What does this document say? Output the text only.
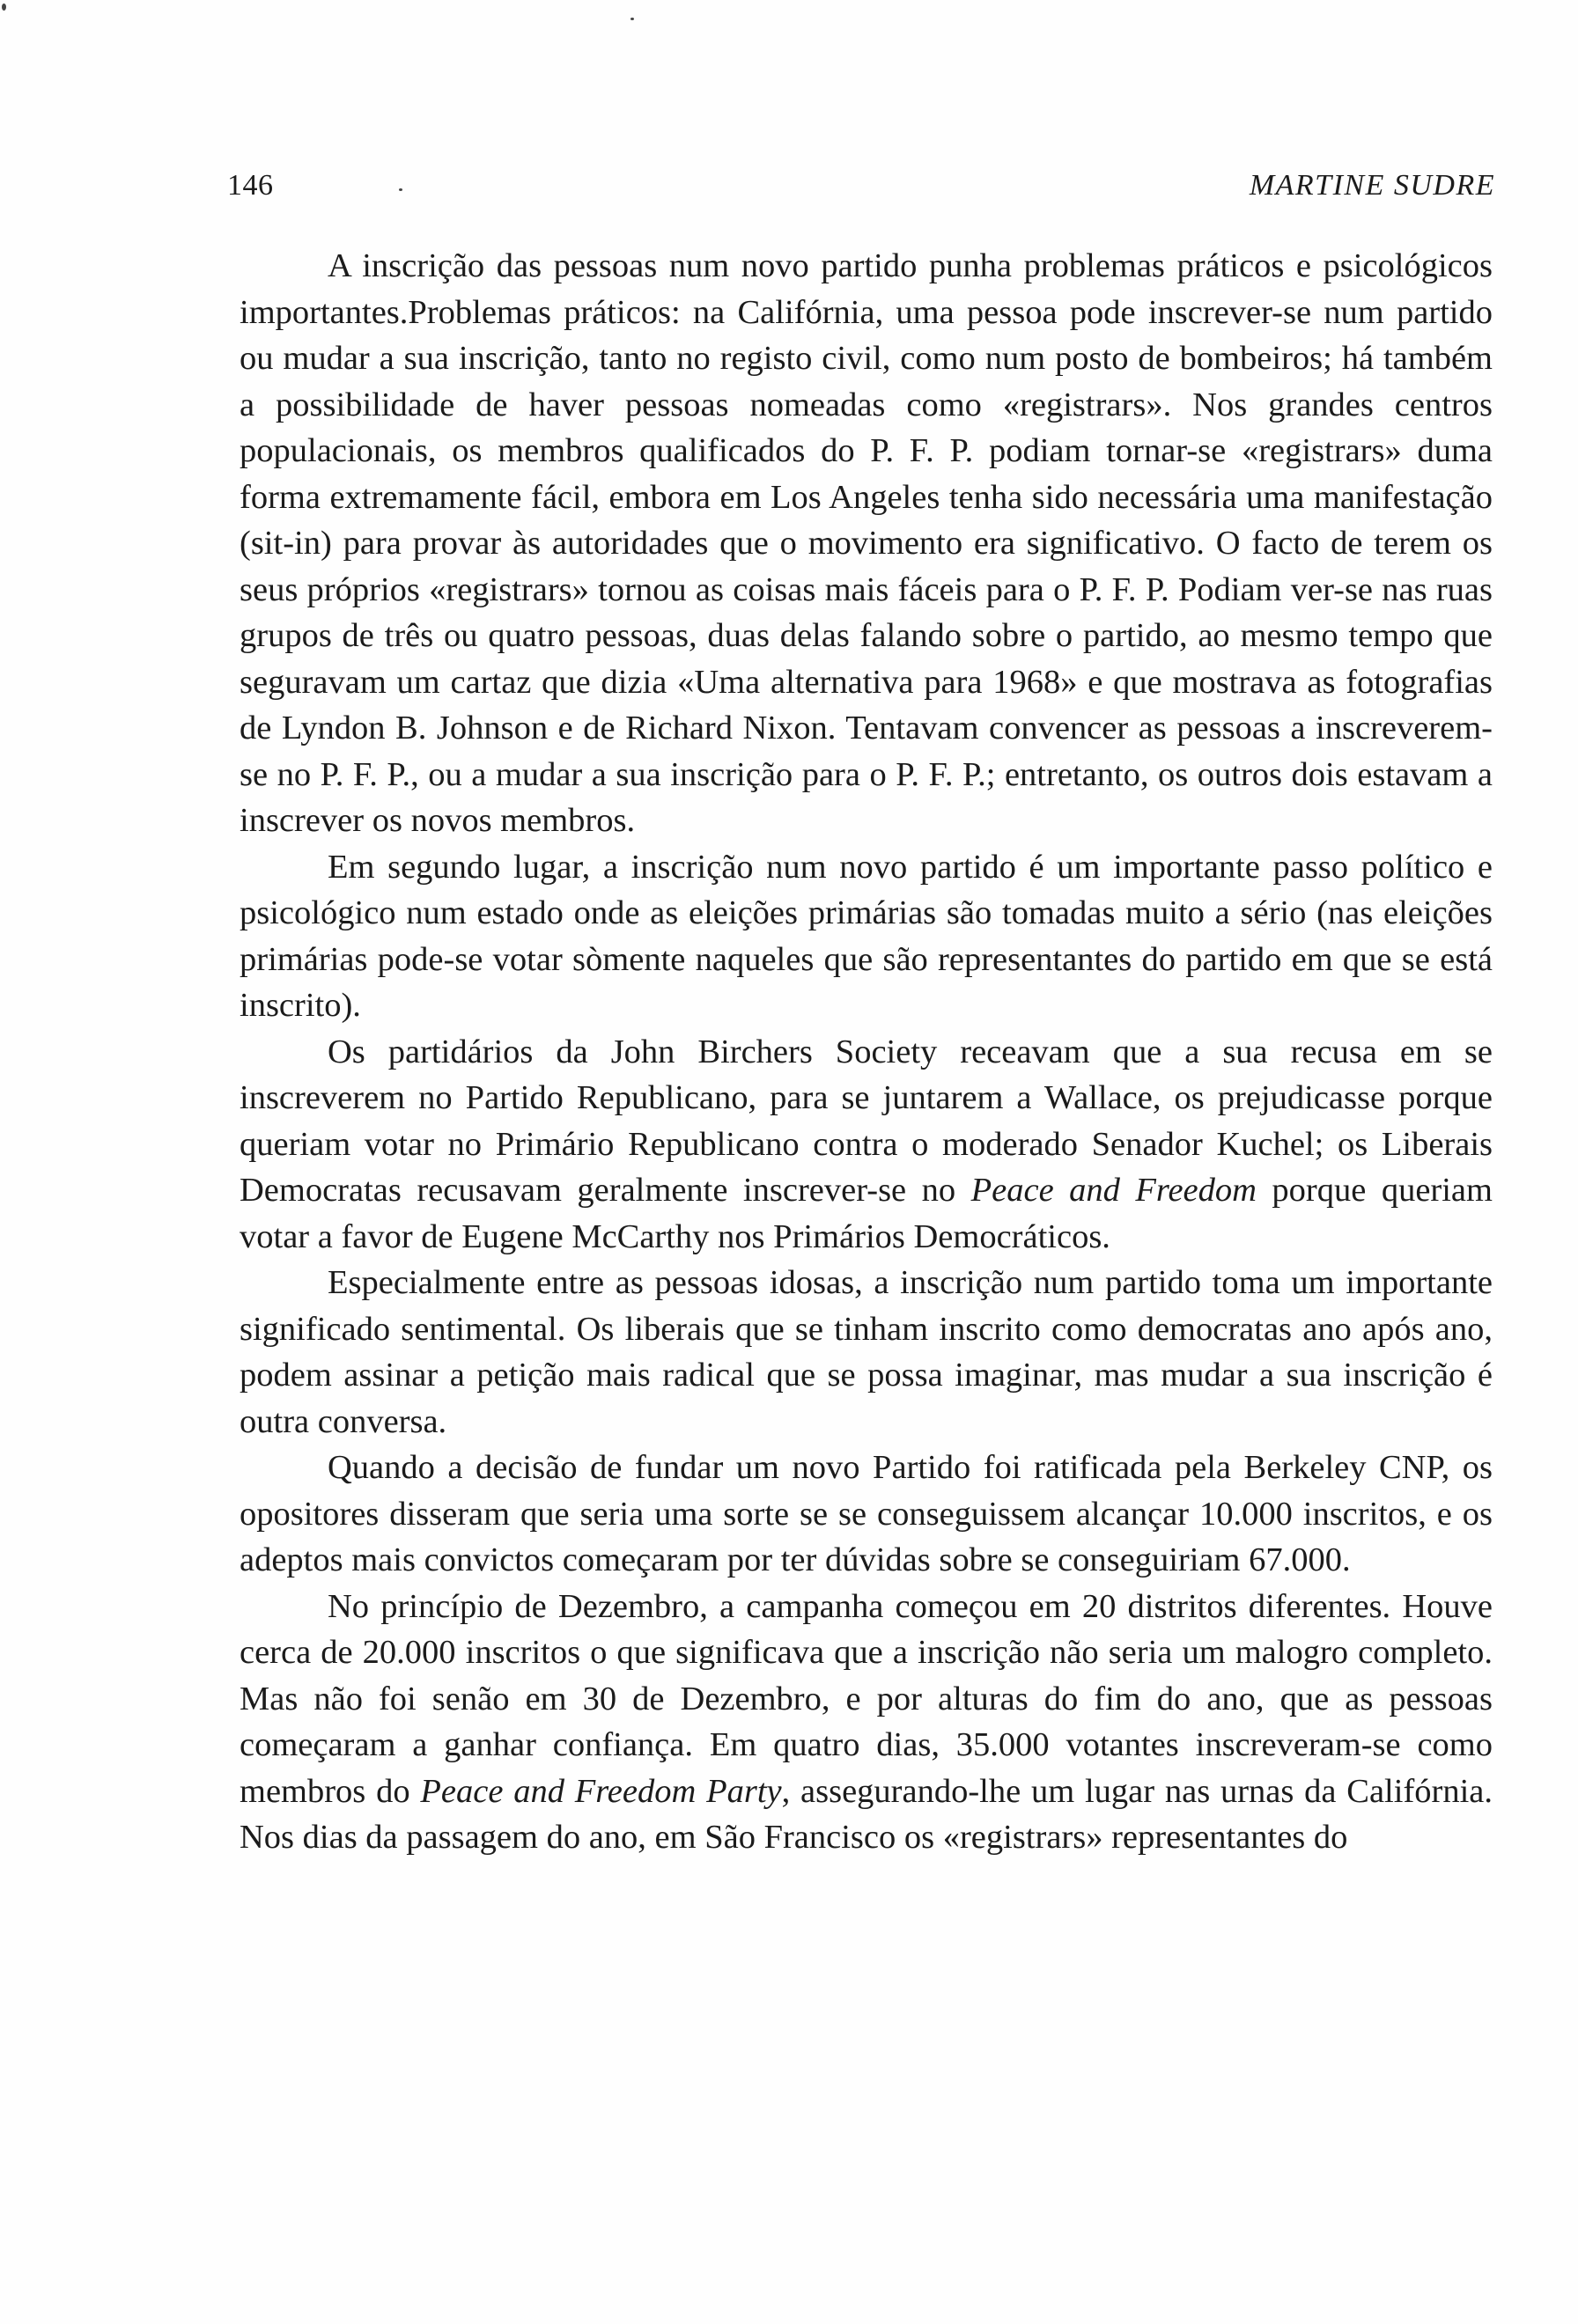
146	MARTINE SUDRE

A inscrição das pessoas num novo partido punha problemas práticos e psicológicos importantes.Problemas práticos: na Califórnia, uma pessoa pode inscrever-se num partido ou mudar a sua inscrição, tanto no registo civil, como num posto de bombeiros; há também a possibilidade de haver pessoas nomeadas como «registrars». Nos grandes centros populacionais, os membros qualificados do P. F. P. podiam tornar-se «registrars» duma forma extremamente fácil, embora em Los Angeles tenha sido necessária uma manifestação (sit-in) para provar às autoridades que o movimento era significativo. O facto de terem os seus próprios «registrars» tornou as coisas mais fáceis para o P. F. P. Podiam ver-se nas ruas grupos de três ou quatro pessoas, duas delas falando sobre o partido, ao mesmo tempo que seguravam um cartaz que dizia «Uma alternativa para 1968» e que mostrava as fotografias de Lyndon B. Johnson e de Richard Nixon. Tentavam convencer as pessoas a inscreverem-se no P. F. P., ou a mudar a sua inscrição para o P. F. P.; entretanto, os outros dois estavam a inscrever os novos membros.

Em segundo lugar, a inscrição num novo partido é um importante passo político e psicológico num estado onde as eleições primárias são tomadas muito a sério (nas eleições primárias pode-se votar sòmente naqueles que são representantes do partido em que se está inscrito).

Os partidários da John Birchers Society receavam que a sua recusa em se inscreverem no Partido Republicano, para se juntarem a Wallace, os prejudicasse porque queriam votar no Primário Republicano contra o moderado Senador Kuchel; os Liberais Democratas recusavam geralmente inscrever-se no Peace and Freedom porque queriam votar a favor de Eugene McCarthy nos Primários Democráticos.

Especialmente entre as pessoas idosas, a inscrição num partido toma um importante significado sentimental. Os liberais que se tinham inscrito como democratas ano após ano, podem assinar a petição mais radical que se possa imaginar, mas mudar a sua inscrição é outra conversa.

Quando a decisão de fundar um novo Partido foi ratificada pela Berkeley CNP, os opositores disseram que seria uma sorte se se conseguissem alcançar 10.000 inscritos, e os adeptos mais convictos começaram por ter dúvidas sobre se conseguiriam 67.000.

No princípio de Dezembro, a campanha começou em 20 distritos diferentes. Houve cerca de 20.000 inscritos o que significava que a inscrição não seria um malogro completo. Mas não foi senão em 30 de Dezembro, e por alturas do fim do ano, que as pessoas começaram a ganhar confiança. Em quatro dias, 35.000 votantes inscreveram-se como membros do Peace and Freedom Party, assegurando-lhe um lugar nas urnas da Califórnia. Nos dias da passagem do ano, em São Francisco os «registrars» representantes do
